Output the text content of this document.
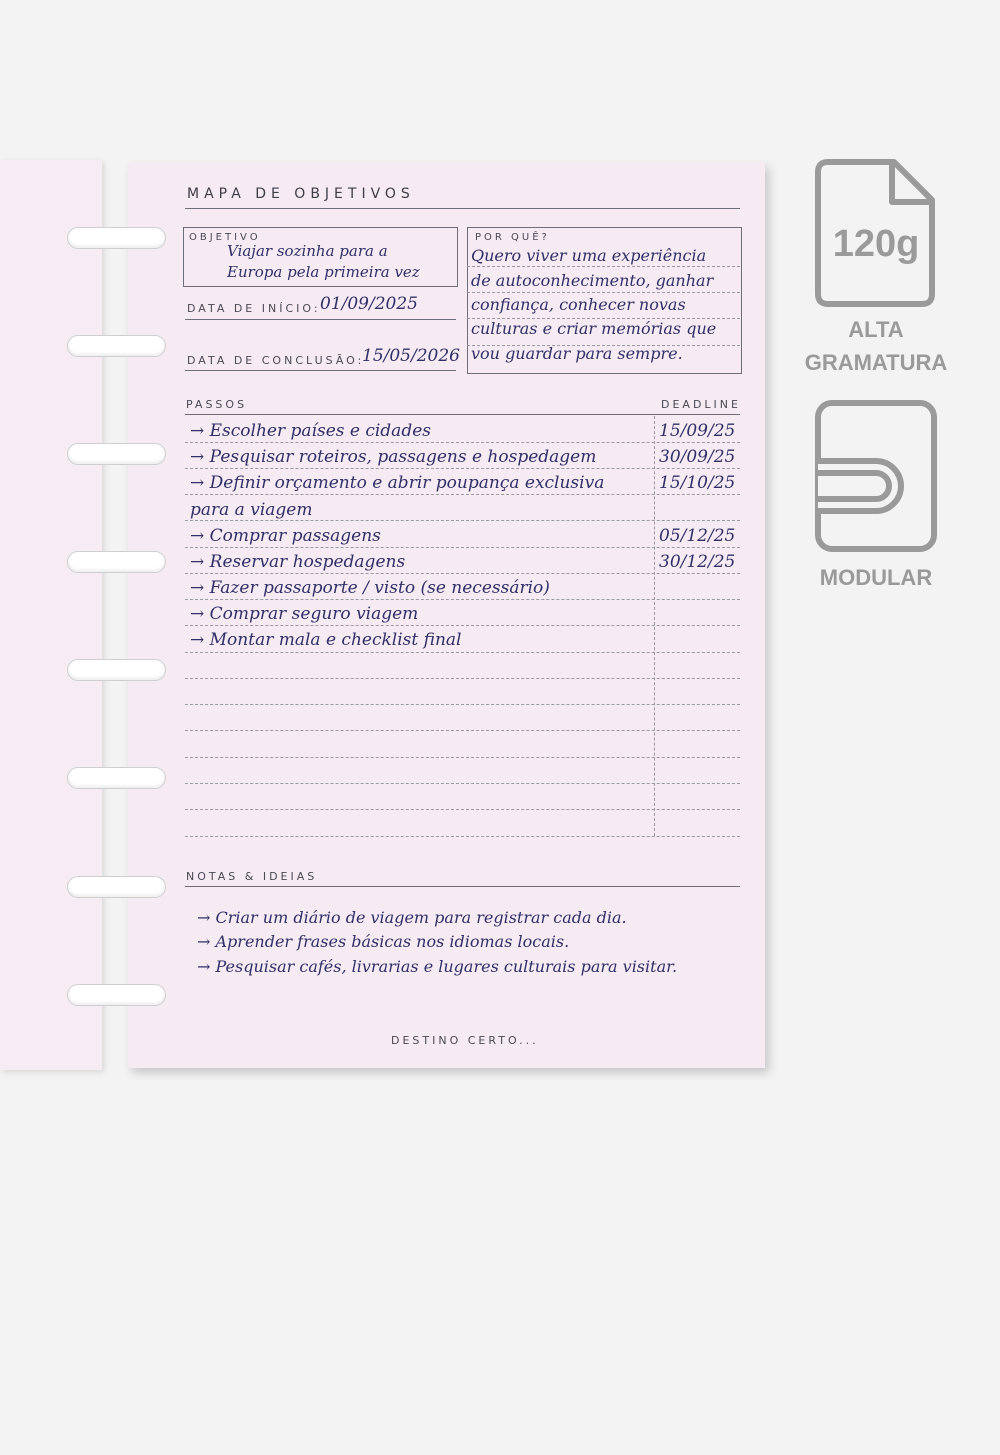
MAPA DE OBJETIVOS
OBJETIVO
Viajar sozinha para a
Europa pela primeira vez
DATA DE INÍCIO: 01/09/2025
DATA DE CONCLUSÃO:
15/05/2026
POR QUÊ?
Quero viver uma experiência
de autoconhecimento, ganhar
confiança, conhecer novas
culturas e criar memórias que
vou guardar para sempre.
PASSOS	DEADLINE
→ Escolher países e cidades	15/09/25
→ Pesquisar roteiros, passagens e hospedagem	30/09/25
→ Definir orçamento e abrir poupança exclusiva	15/10/25
para a viagem
→ Comprar passagens	05/12/25
→ Reservar hospedagens	30/12/25
→ Fazer passaporte / visto (se necessário)
→ Comprar seguro viagem
→ Montar mala e checklist final
NOTAS & IDEIAS
→ Criar um diário de viagem para registrar cada dia.
→ Aprender frases básicas nos idiomas locais.
→ Pesquisar cafés, livrarias e lugares culturais para visitar.
DESTINO CERTO...
120g
ALTA
GRAMATURA
MODULAR
